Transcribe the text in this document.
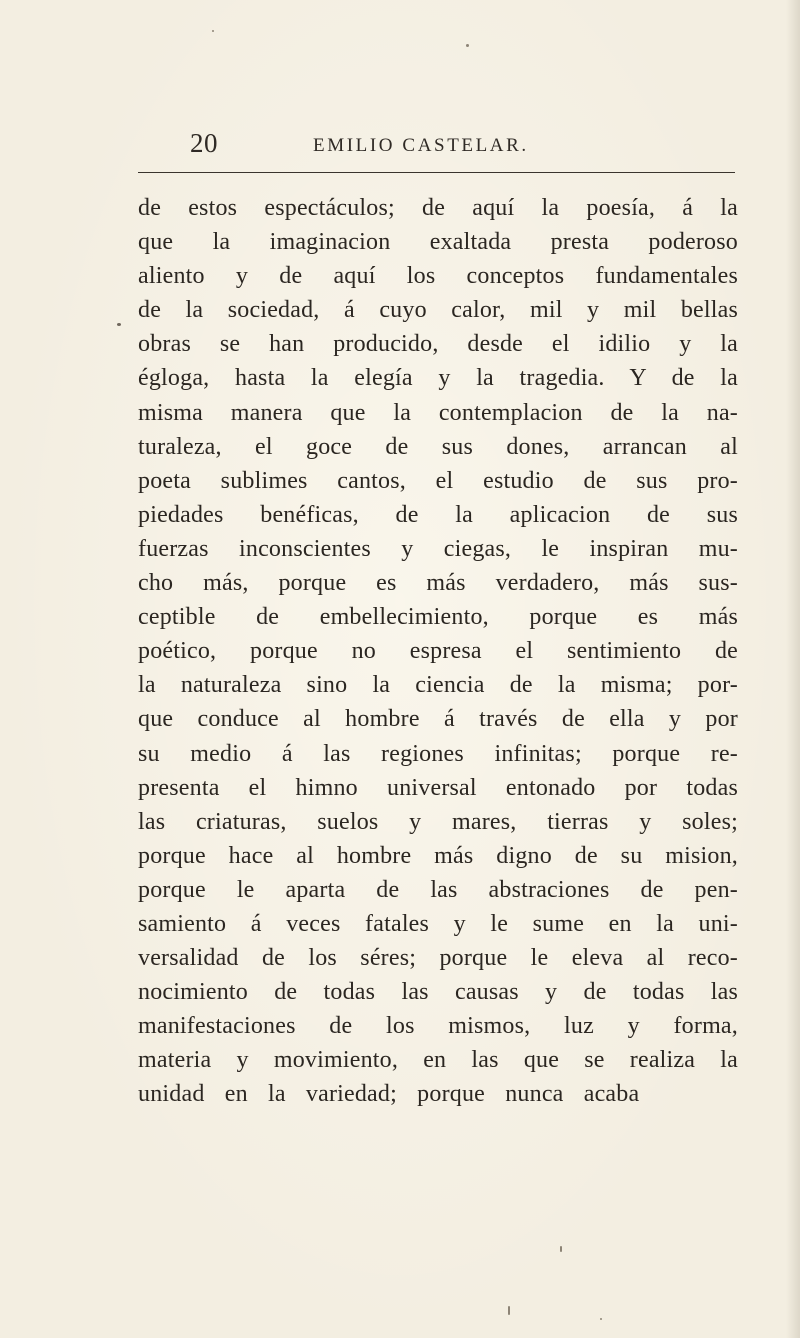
20	EMILIO CASTELAR.
de estos espectáculos; de aquí la poesía, á la
que la imaginacion exaltada presta poderoso
aliento y de aquí los conceptos fundamentales
de la sociedad, á cuyo calor, mil y mil bellas
obras se han producido, desde el idilio y la
égloga, hasta la elegía y la tragedia. Y de la
misma manera que la contemplacion de la na-
turaleza, el goce de sus dones, arrancan al
poeta sublimes cantos, el estudio de sus pro-
piedades benéficas, de la aplicacion de sus
fuerzas inconscientes y ciegas, le inspiran mu-
cho más, porque es más verdadero, más sus-
ceptible de embellecimiento, porque es más
poético, porque no espresa el sentimiento de
la naturaleza sino la ciencia de la misma; por-
que conduce al hombre á través de ella y por
su medio á las regiones infinitas; porque re-
presenta el himno universal entonado por todas
las criaturas, suelos y mares, tierras y soles;
porque hace al hombre más digno de su mision,
porque le aparta de las abstraciones de pen-
samiento á veces fatales y le sume en la uni-
versalidad de los séres; porque le eleva al reco-
nocimiento de todas las causas y de todas las
manifestaciones de los mismos, luz y forma,
materia y movimiento, en las que se realiza la
unidad en la variedad; porque nunca acaba
